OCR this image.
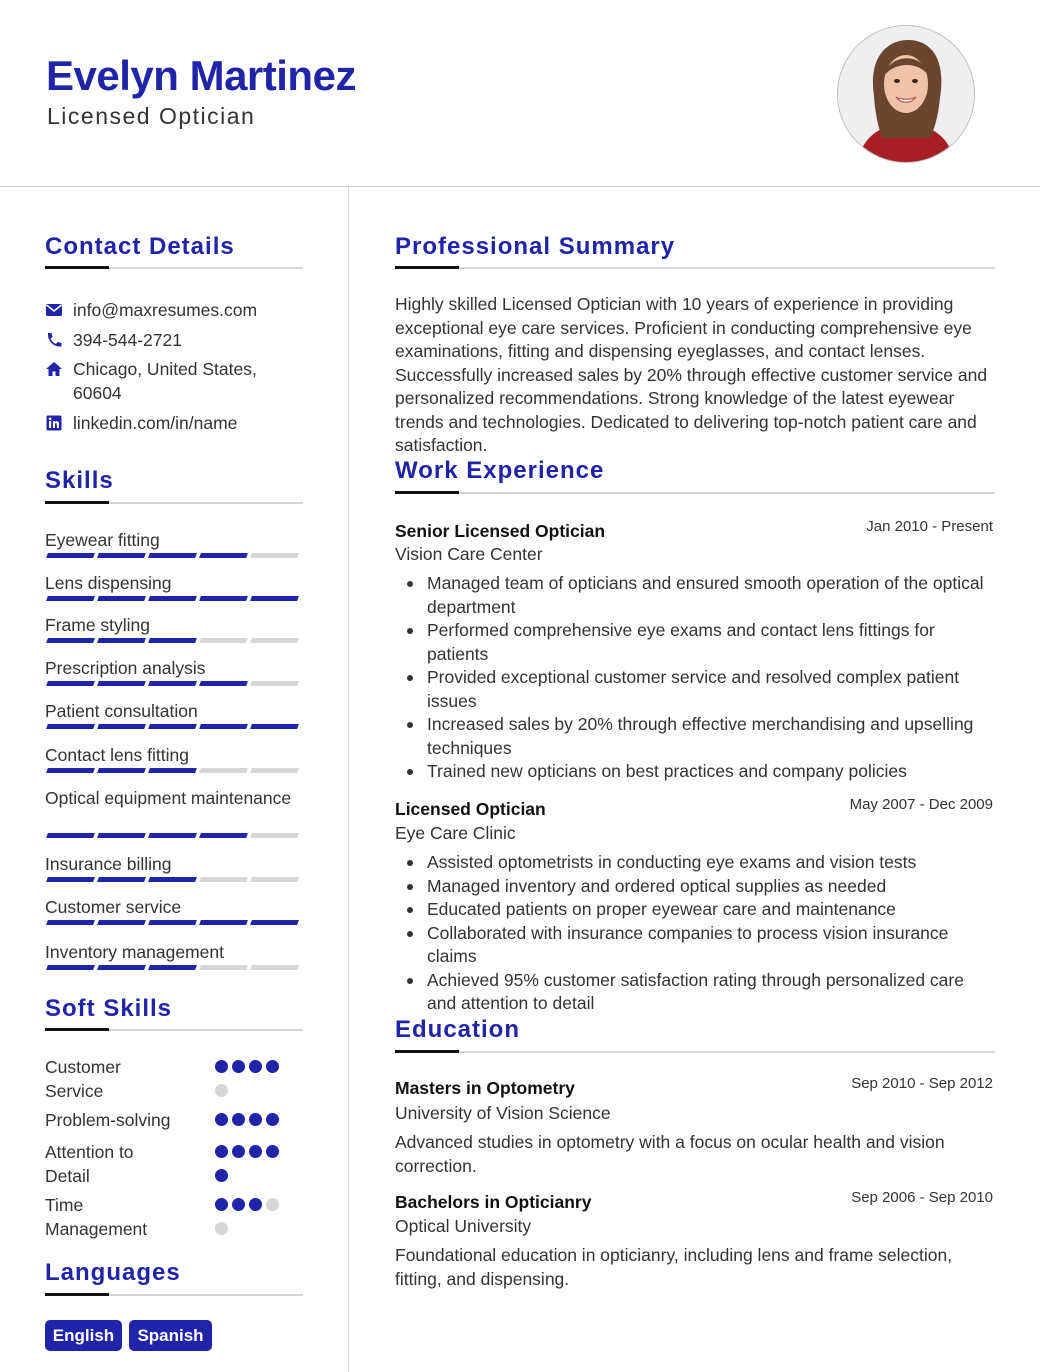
Evelyn Martinez
Licensed Optician
Contact Details
info@maxresumes.com
394-544-2721
Chicago, United States, 60604
linkedin.com/in/name
Skills
Eyewear fitting
Lens dispensing
Frame styling
Prescription analysis
Patient consultation
Contact lens fitting
Optical equipment maintenance
Insurance billing
Customer service
Inventory management
Soft Skills
Customer Service
Problem-solving
Attention to Detail
Time Management
Languages
English	Spanish
Professional Summary
Highly skilled Licensed Optician with 10 years of experience in providing exceptional eye care services. Proficient in conducting comprehensive eye examinations, fitting and dispensing eyeglasses, and contact lenses. Successfully increased sales by 20% through effective customer service and personalized recommendations. Strong knowledge of the latest eyewear trends and technologies. Dedicated to delivering top-notch patient care and satisfaction.
Work Experience
Senior Licensed Optician	Jan 2010 - Present
Vision Care Center
Managed team of opticians and ensured smooth operation of the optical department
Performed comprehensive eye exams and contact lens fittings for patients
Provided exceptional customer service and resolved complex patient issues
Increased sales by 20% through effective merchandising and upselling techniques
Trained new opticians on best practices and company policies
Licensed Optician	May 2007 - Dec 2009
Eye Care Clinic
Assisted optometrists in conducting eye exams and vision tests
Managed inventory and ordered optical supplies as needed
Educated patients on proper eyewear care and maintenance
Collaborated with insurance companies to process vision insurance claims
Achieved 95% customer satisfaction rating through personalized care and attention to detail
Education
Masters in Optometry	Sep 2010 - Sep 2012
University of Vision Science
Advanced studies in optometry with a focus on ocular health and vision correction.
Bachelors in Opticianry	Sep 2006 - Sep 2010
Optical University
Foundational education in opticianry, including lens and frame selection, fitting, and dispensing.
